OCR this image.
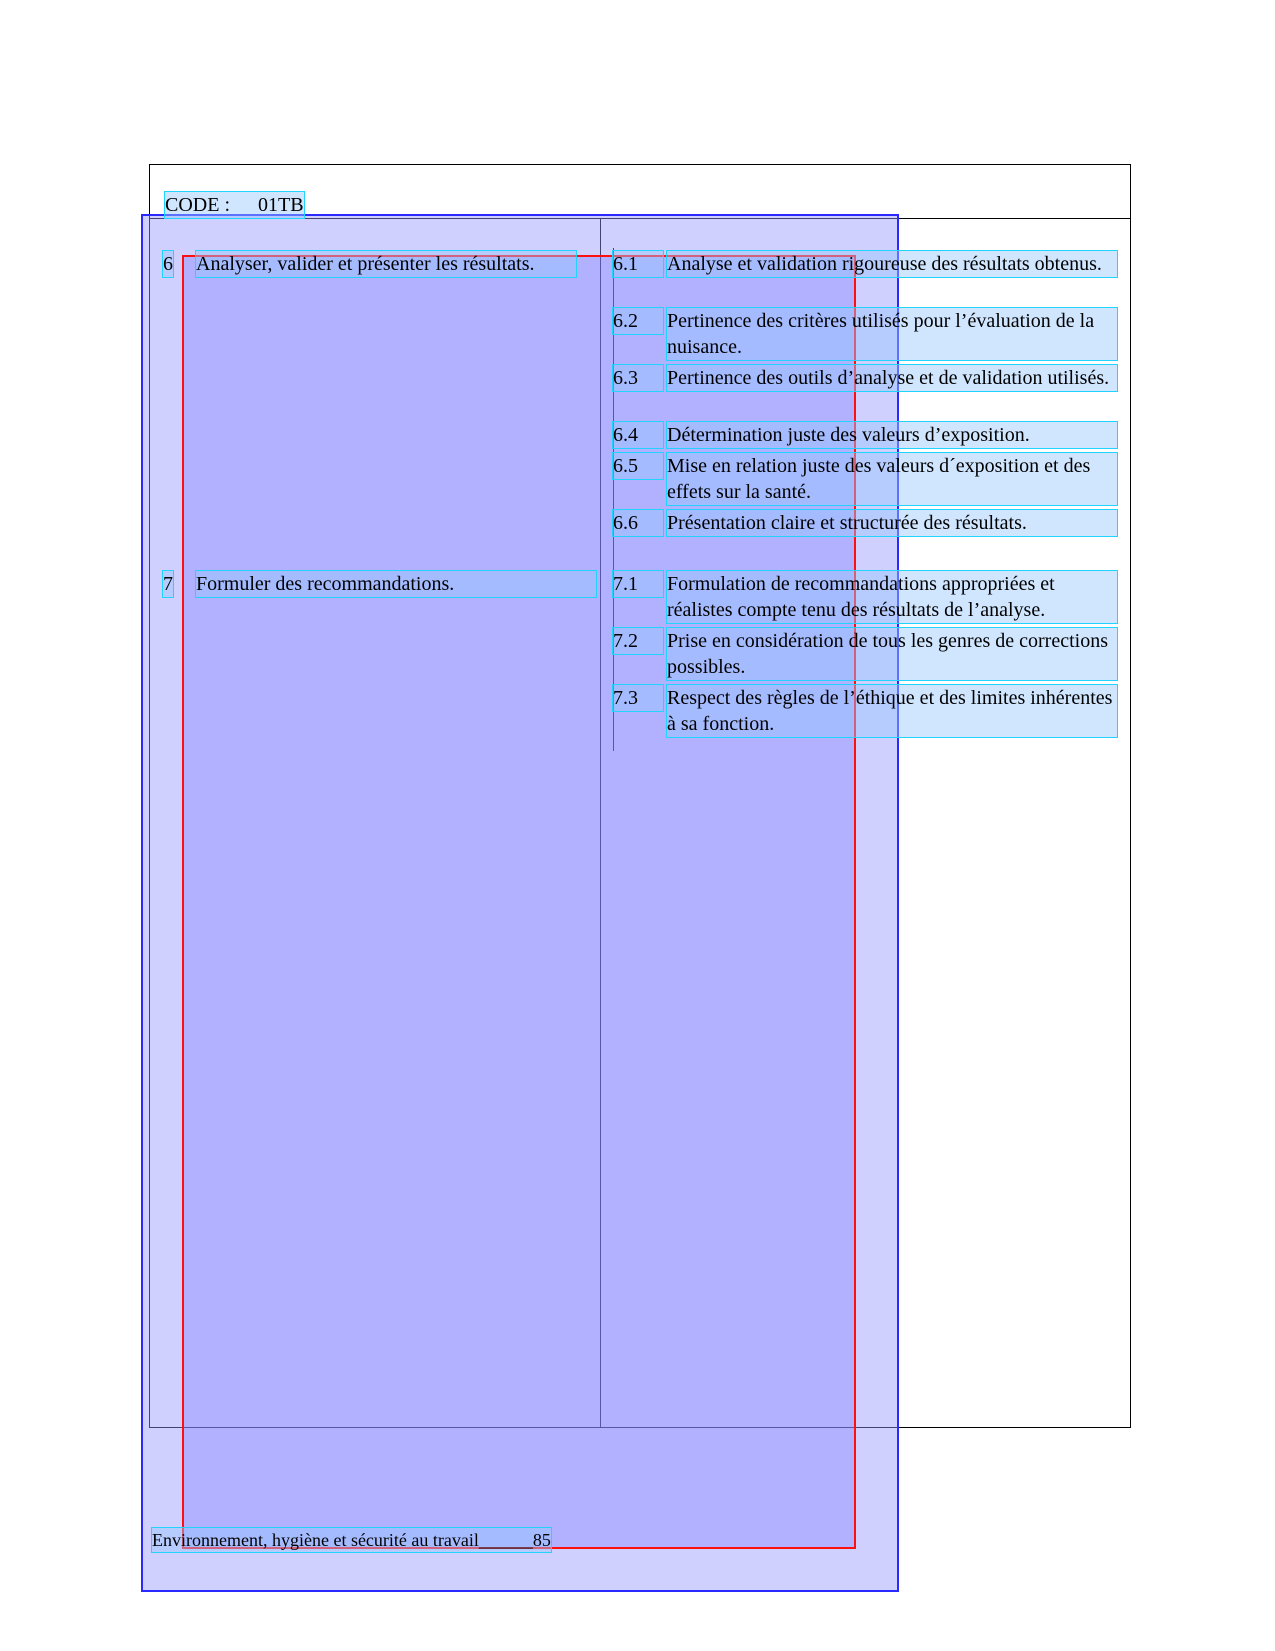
CODE : 01TB
6 Analyser, valider et présenter les résultats.	6.1	Analyse et validation rigoureuse des résultats obtenus.
6.2	Pertinence des critères utilisés pour l’évaluation de la nuisance.
6.3	Pertinence des outils d’analyse et de validation utilisés.
6.4	Détermination juste des valeurs d’exposition.
6.5	Mise en relation juste des valeurs d´exposition et des effets sur la santé.
6.6	Présentation claire et structurée des résultats.
7 Formuler des recommandations.	7.1	Formulation de recommandations appropriées et réalistes compte tenu des résultats de l’analyse.
7.2	Prise en considération de tous les genres de corrections possibles.
7.3	Respect des règles de l’éthique et des limites inhérentes à sa fonction.
Environnement, hygiène et sécurité au travail______85
